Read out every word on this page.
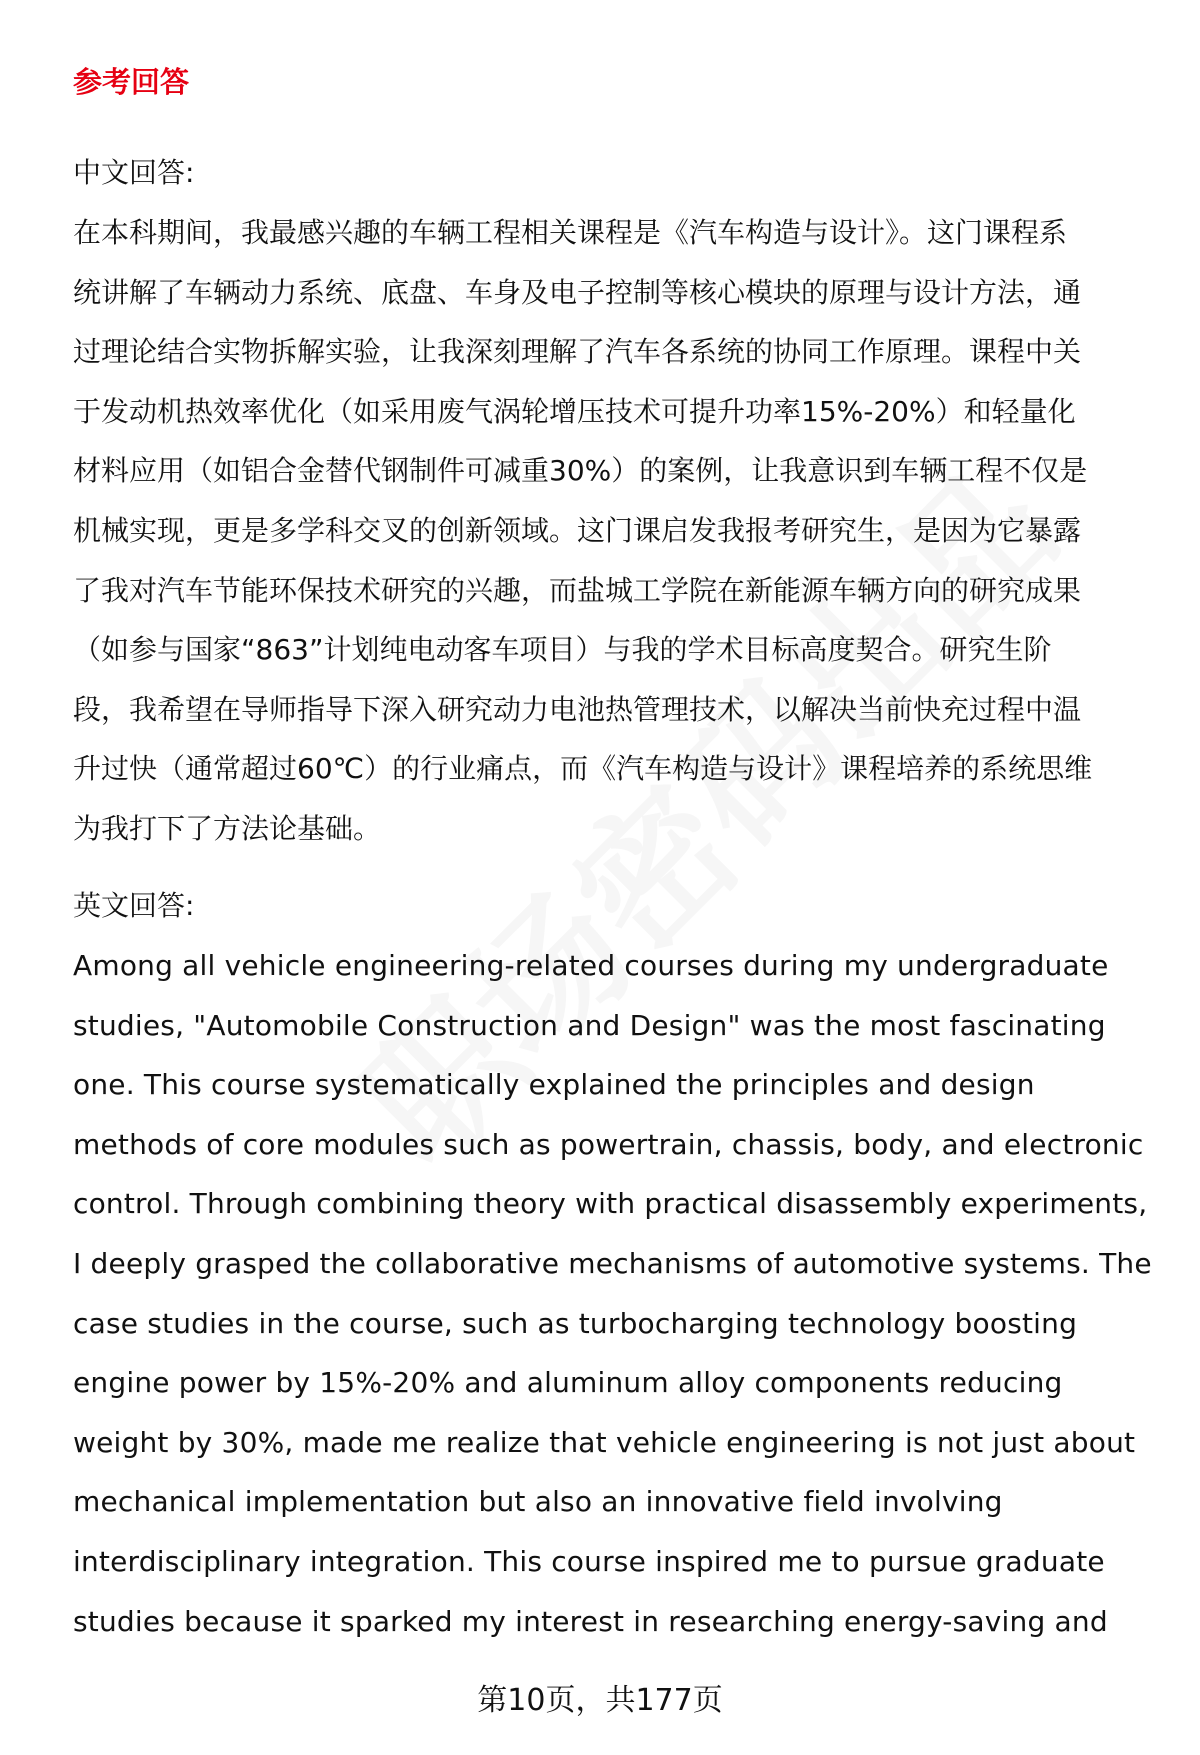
参考回答
中文回答:
在本科期间，我最感兴趣的车辆工程相关课程是《汽车构造与设计》。这门课程系
统讲解了车辆动力系统、底盘、车身及电子控制等核心模块的原理与设计方法，通
过理论结合实物拆解实验，让我深刻理解了汽车各系统的协同工作原理。课程中关
于发动机热效率优化（如采用废气涡轮增压技术可提升功率15%-20%）和轻量化
材料应用（如铝合金替代钢制件可减重30%）的案例，让我意识到车辆工程不仅是
机械实现，更是多学科交叉的创新领域。这门课启发我报考研究生，是因为它暴露
了我对汽车节能环保技术研究的兴趣，而盐城工学院在新能源车辆方向的研究成果
（如参与国家“863”计划纯电动客车项目）与我的学术目标高度契合。研究生阶
段，我希望在导师指导下深入研究动力电池热管理技术，以解决当前快充过程中温
升过快（通常超过60℃）的行业痛点，而《汽车构造与设计》课程培养的系统思维
为我打下了方法论基础。
英文回答:
Among all vehicle engineering-related courses during my undergraduate
studies, "Automobile Construction and Design" was the most fascinating
one. This course systematically explained the principles and design
methods of core modules such as powertrain, chassis, body, and electronic
control. Through combining theory with practical disassembly experiments,
I deeply grasped the collaborative mechanisms of automotive systems. The
case studies in the course, such as turbocharging technology boosting
engine power by 15%-20% and aluminum alloy components reducing
weight by 30%, made me realize that vehicle engineering is not just about
mechanical implementation but also an innovative field involving
interdisciplinary integration. This course inspired me to pursue graduate
studies because it sparked my interest in researching energy-saving and
第10页，共177页
